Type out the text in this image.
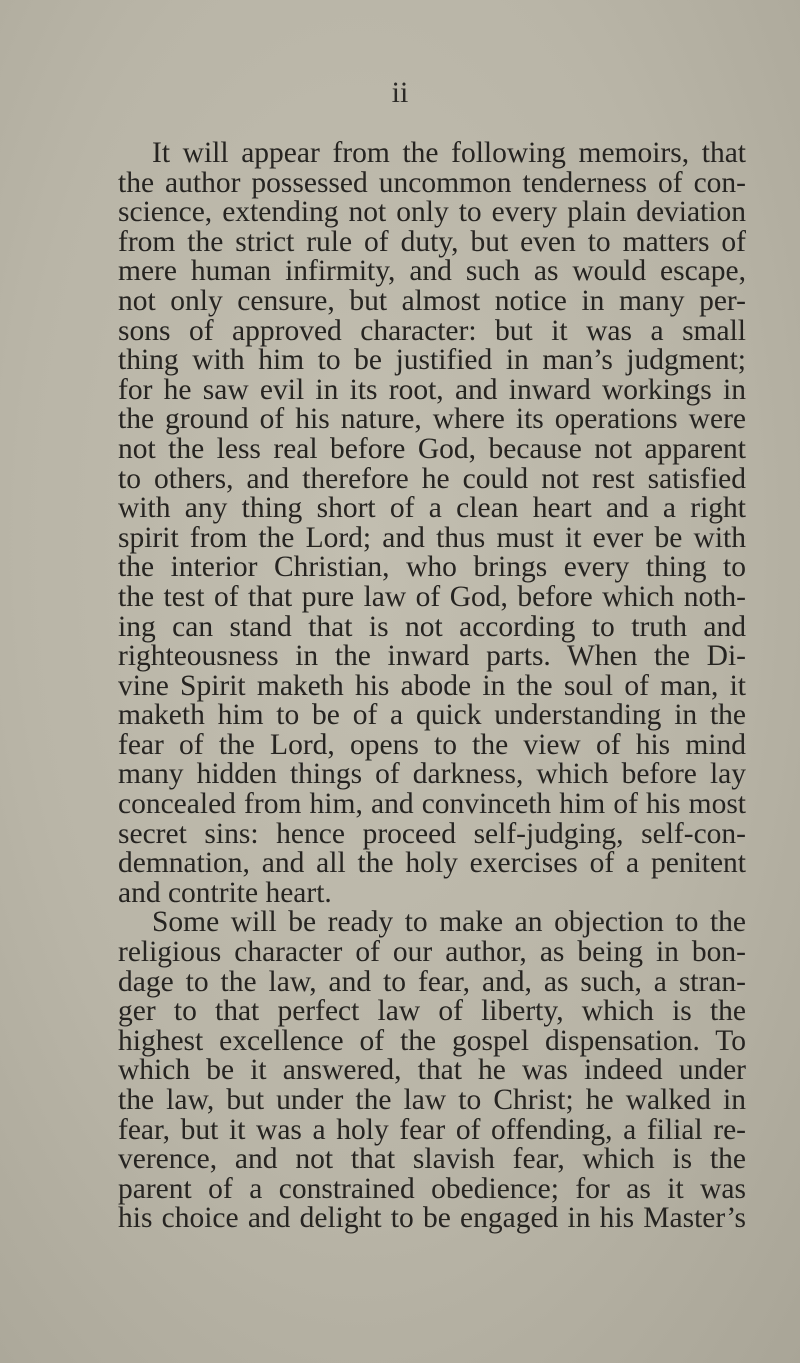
ii
It will appear from the following memoirs, that
the author possessed uncommon tenderness of con-
science, extending not only to every plain deviation
from the strict rule of duty, but even to matters of
mere human infirmity, and such as would escape,
not only censure, but almost notice in many per-
sons of approved character: but it was a small
thing with him to be justified in man’s judgment;
for he saw evil in its root, and inward workings in
the ground of his nature, where its operations were
not the less real before God, because not apparent
to others, and therefore he could not rest satisfied
with any thing short of a clean heart and a right
spirit from the Lord; and thus must it ever be with
the interior Christian, who brings every thing to
the test of that pure law of God, before which noth-
ing can stand that is not according to truth and
righteousness in the inward parts. When the Di-
vine Spirit maketh his abode in the soul of man, it
maketh him to be of a quick understanding in the
fear of the Lord, opens to the view of his mind
many hidden things of darkness, which before lay
concealed from him, and convinceth him of his most
secret sins: hence proceed self-judging, self-con-
demnation, and all the holy exercises of a penitent
and contrite heart.
Some will be ready to make an objection to the
religious character of our author, as being in bon-
dage to the law, and to fear, and, as such, a stran-
ger to that perfect law of liberty, which is the
highest excellence of the gospel dispensation. To
which be it answered, that he was indeed under
the law, but under the law to Christ; he walked in
fear, but it was a holy fear of offending, a filial re-
verence, and not that slavish fear, which is the
parent of a constrained obedience; for as it was
his choice and delight to be engaged in his Master’s
